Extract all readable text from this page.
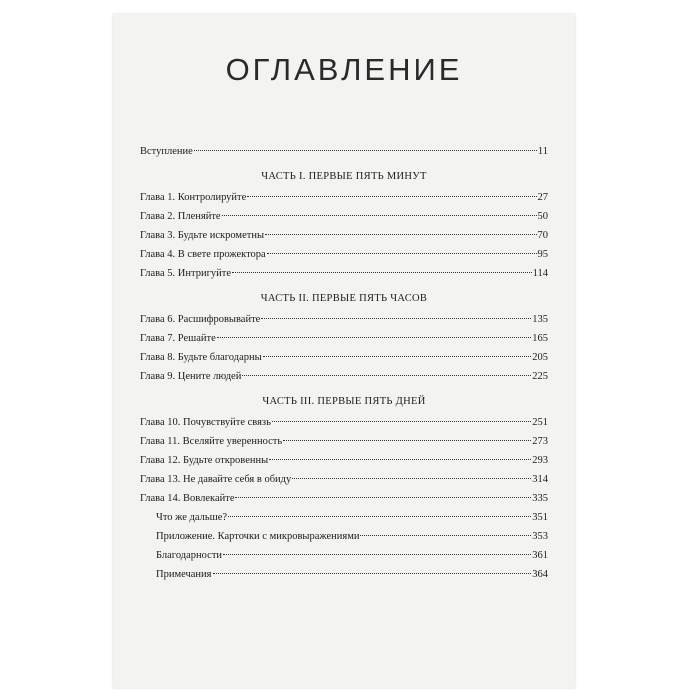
ОГЛАВЛЕНИЕ
Вступление	11
ЧАСТЬ I. ПЕРВЫЕ ПЯТЬ МИНУТ
Глава 1. Контролируйте	27
Глава 2. Пленяйте	50
Глава 3. Будьте искрометны	70
Глава 4. В свете прожектора	95
Глава 5. Интригуйте	114
ЧАСТЬ II. ПЕРВЫЕ ПЯТЬ ЧАСОВ
Глава 6. Расшифровывайте	135
Глава 7. Решайте	165
Глава 8. Будьте благодарны	205
Глава 9. Цените людей	225
ЧАСТЬ III. ПЕРВЫЕ ПЯТЬ ДНЕЙ
Глава 10. Почувствуйте связь	251
Глава 11. Вселяйте уверенность	273
Глава 12. Будьте откровенны	293
Глава 13. Не давайте себя в обиду	314
Глава 14. Вовлекайте	335
Что же дальше?	351
Приложение. Карточки с микровыражениями	353
Благодарности	361
Примечания	364
